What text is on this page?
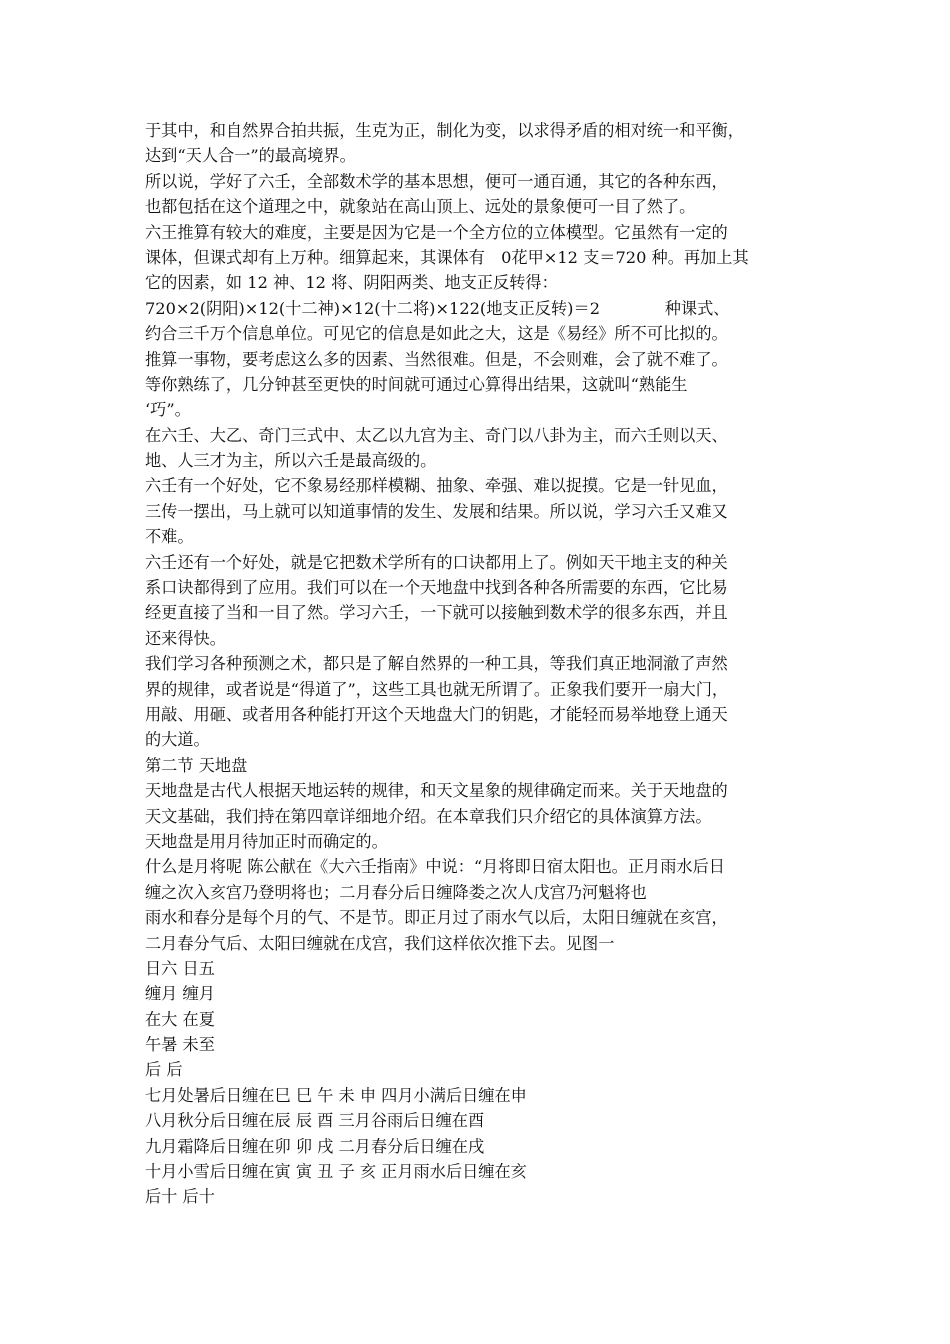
于其中，和自然界合拍共振，生克为正，制化为变，以求得矛盾的相对统一和平衡，
达到“天人合一”的最高境界。
所以说，学好了六壬，全部数术学的基本思想，便可一通百通，其它的各种东西，
也都包括在这个道理之中，就象站在高山顶上、远处的景象便可一目了然了。
六王推算有较大的难度，主要是因为它是一个全方位的立体模型。它虽然有一定的
课体，但课式却有上万种。细算起来，其课体有　0花甲×12 支＝720 种。再加上其
它的因素，如 12 神、12 将、阴阳两类、地支正反转得：
720×2(阴阳)×12(十二神)×12(十二将)×122(地支正反转)＝2　　　　种课式、
约合三千万个信息单位。可见它的信息是如此之大，这是《易经》所不可比拟的。
推算一事物，要考虑这么多的因素、当然很难。但是，不会则难，会了就不难了。
等你熟练了，几分钟甚至更快的时间就可通过心算得出结果，这就叫“熟能生
‘巧”。
在六壬、大乙、奇门三式中、太乙以九宫为主、奇门以八卦为主，而六壬则以天、
地、人三才为主，所以六壬是最高级的。
六壬有一个好处，它不象易经那样模糊、抽象、牵强、难以捉摸。它是一针见血，
三传一摆出，马上就可以知道事情的发生、发展和结果。所以说，学习六壬又难又
不难。
六壬还有一个好处，就是它把数术学所有的口诀都用上了。例如天干地主支的种关
系口诀都得到了应用。我们可以在一个天地盘中找到各种各所需要的东西，它比易
经更直接了当和一目了然。学习六壬，一下就可以接触到数术学的很多东西，并且
还来得快。
我们学习各种预测之术，都只是了解自然界的一种工具，等我们真正地洞澈了声然
界的规律，或者说是“得道了”，这些工具也就无所谓了。正象我们要开一扇大门，
用敲、用砸、或者用各种能打开这个天地盘大门的钥匙，才能轻而易举地登上通天
的大道。
第二节 天地盘
天地盘是古代人根据天地运转的规律，和天文星象的规律确定而来。关于天地盘的
天文基础，我们持在第四章详细地介绍。在本章我们只介绍它的具体演算方法。
天地盘是用月待加正时而确定的。
什么是月将呢 陈公献在《大六壬指南》中说：“月将即日宿太阳也。正月雨水后日
缠之次入亥宫乃登明将也；二月春分后日缠降娄之次人戊宫乃河魁将也
雨水和春分是每个月的气、不是节。即正月过了雨水气以后，太阳日缠就在亥宫，
二月春分气后、太阳曰缠就在戊宫，我们这样依次推下去。见图一
日六 日五
缠月 缠月
在大 在夏
午暑 未至
后 后
七月处暑后日缠在巳 巳 午 未 申 四月小满后日缠在申
八月秋分后日缠在辰 辰 酉 三月谷雨后日缠在酉
九月霜降后日缠在卯 卯 戌 二月春分后日缠在戌
十月小雪后日缠在寅 寅 丑 子 亥 正月雨水后日缠在亥
后十 后十
